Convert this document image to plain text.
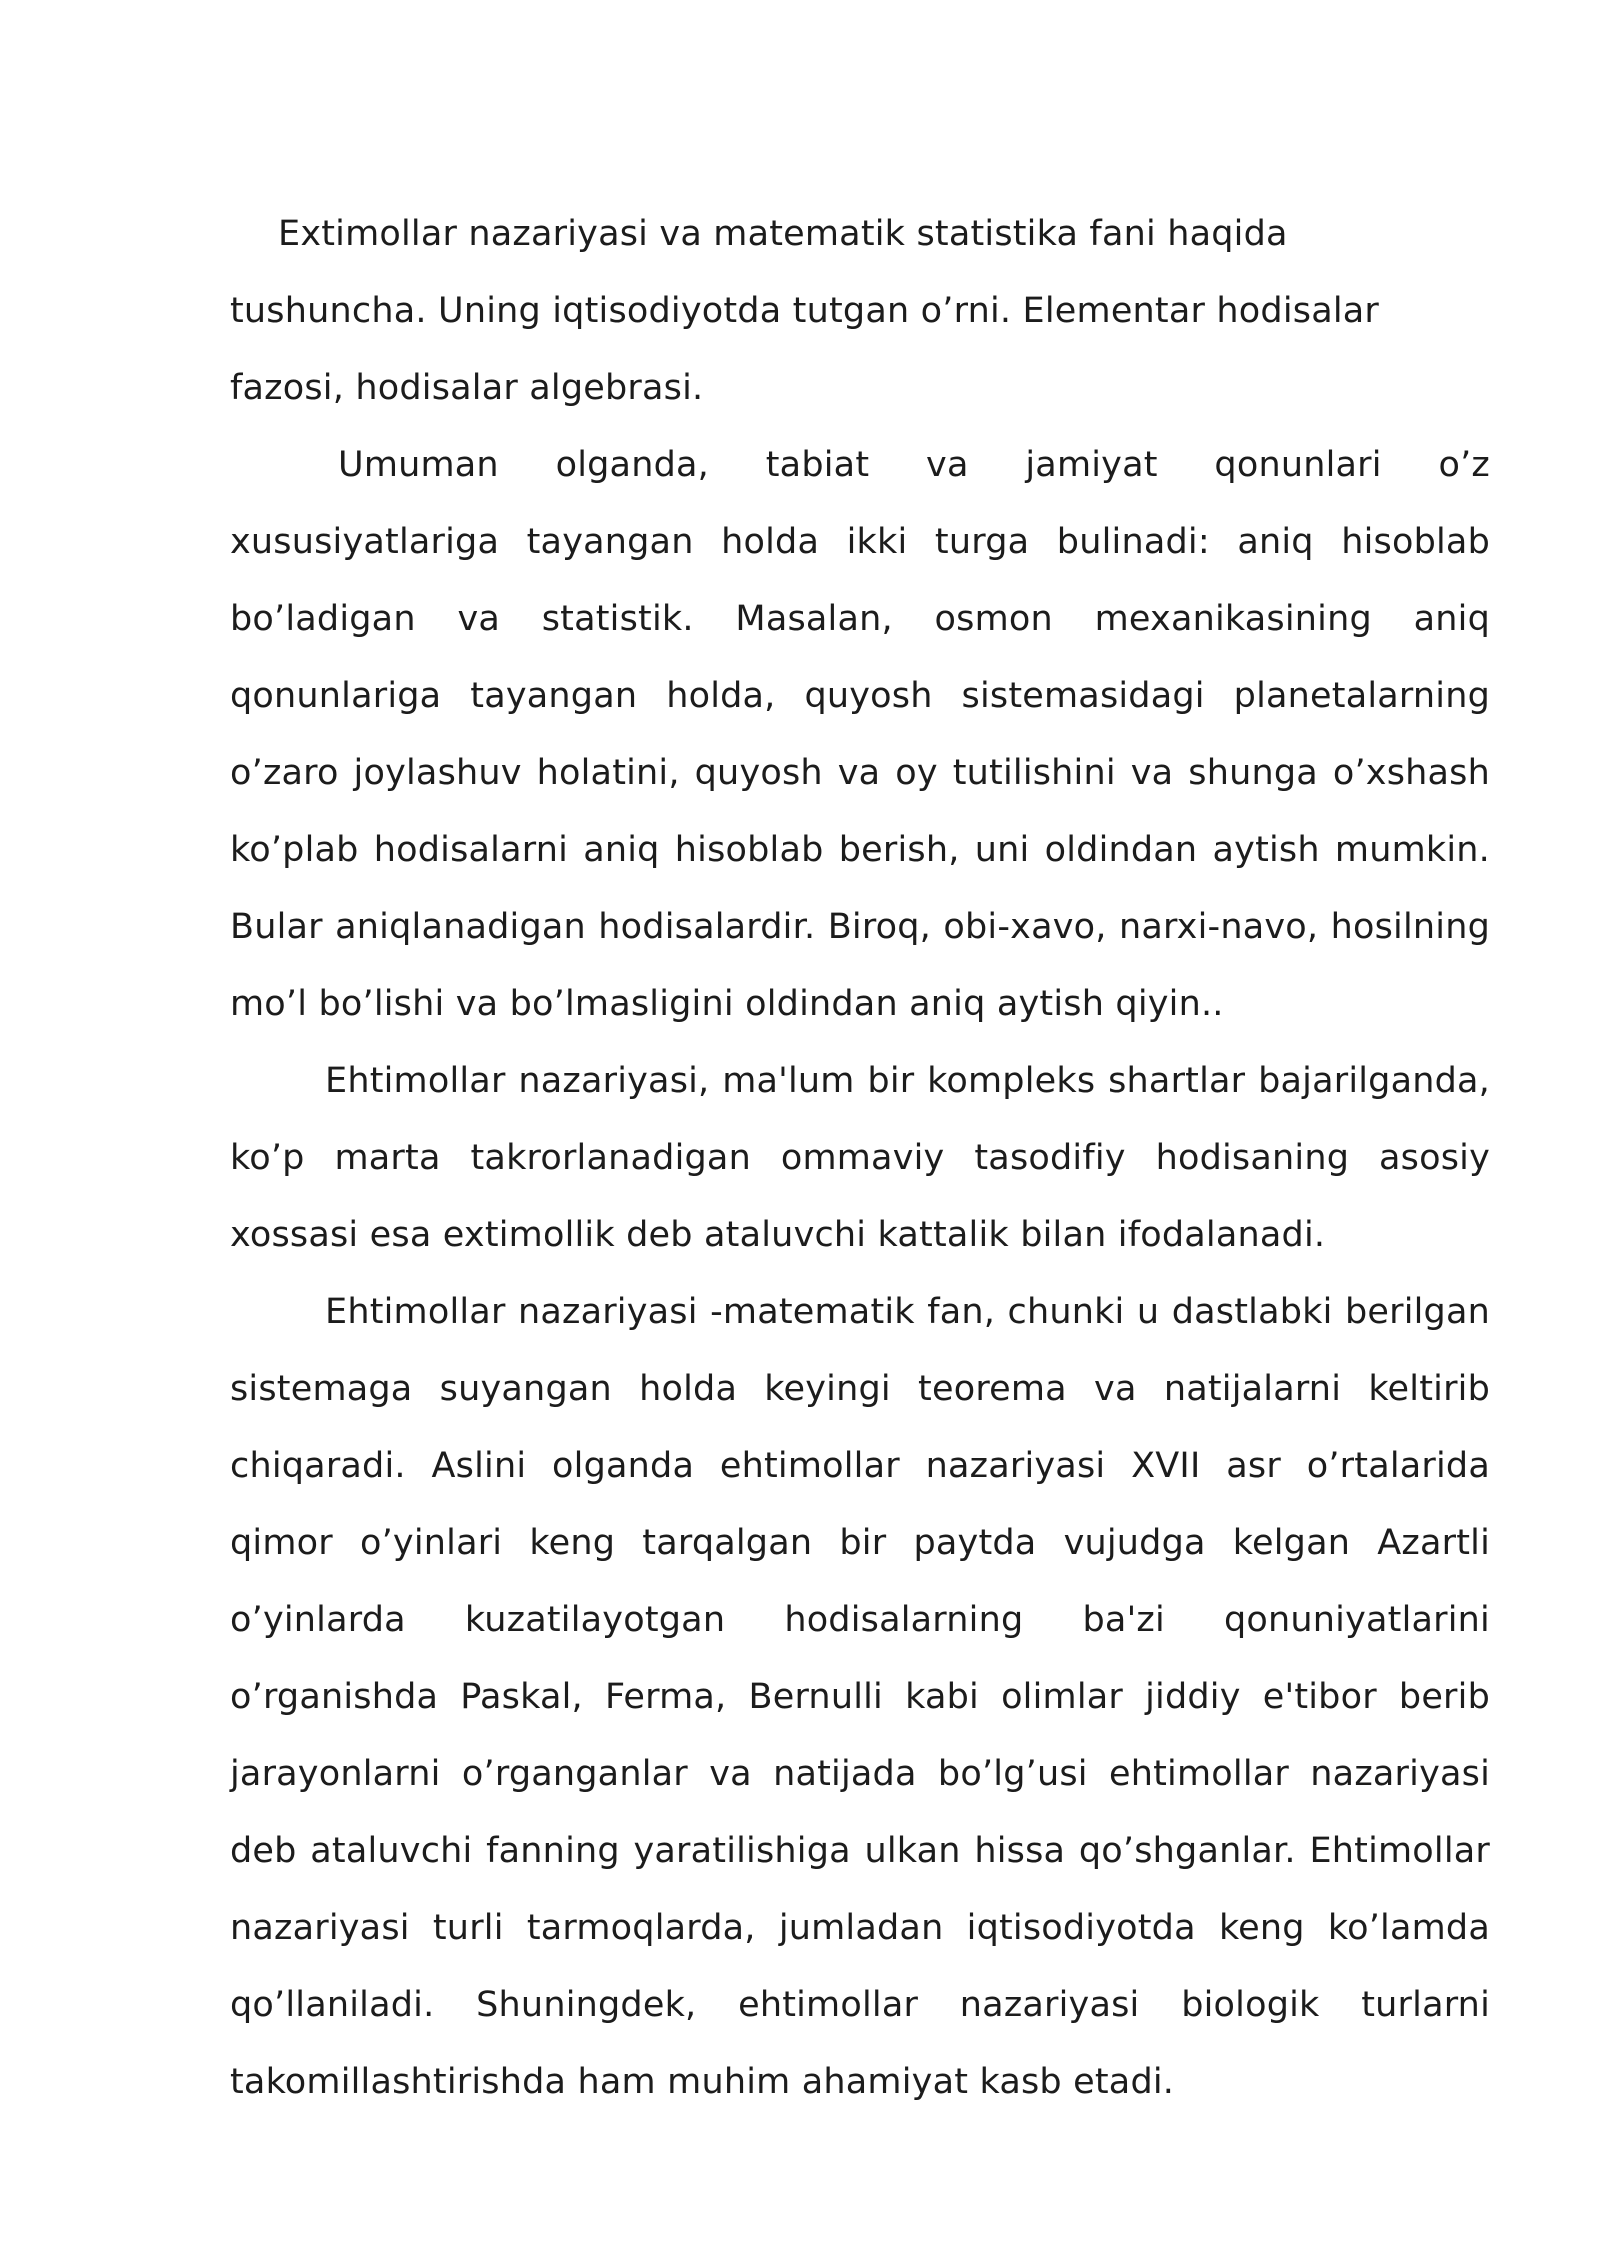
Extimollar nazariyasi va matematik statistika fani haqida tushuncha. Uning iqtisodiyotda tutgan o’rni. Elementar hodisalar fazosi, hodisalar algebrasi.

Umuman olganda, tabiat va jamiyat qonunlari o’z xususiyatlariga tayangan holda ikki turga bulinadi: aniq hisoblab bo’ladigan va statistik. Masalan, osmon mexanikasining aniq qonunlariga tayangan holda, quyosh sistemasidagi planetalarning o’zaro joylashuv holatini, quyosh va oy tutilishini va shunga o’xshash ko’plab hodisalarni aniq hisoblab berish, uni oldindan aytish mumkin. Bular aniqlanadigan hodisalardir. Biroq, obi-xavo, narxi-navo, hosilning mo’l bo’lishi va bo’lmasligini oldindan aniq aytish qiyin..

Ehtimollar nazariyasi, ma'lum bir kompleks shartlar bajarilganda, ko’p marta takrorlanadigan ommaviy tasodifiy hodisaning asosiy xossasi esa extimollik deb ataluvchi kattalik bilan ifodalanadi.

Ehtimollar nazariyasi -matematik fan, chunki u dastlabki berilgan sistemaga suyangan holda keyingi teorema va natijalarni keltirib chiqaradi. Aslini olganda ehtimollar nazariyasi XVII asr o’rtalarida qimor o’yinlari keng tarqalgan bir paytda vujudga kelgan Azartli o’yinlarda kuzatilayotgan hodisalarning ba'zi qonuniyatlarini o’rganishda Paskal, Ferma, Bernulli kabi olimlar jiddiy e'tibor berib jarayonlarni o’rganganlar va natijada bo’lg’usi ehtimollar nazariyasi deb ataluvchi fanning yaratilishiga ulkan hissa qo’shganlar. Ehtimollar nazariyasi turli tarmoqlarda, jumladan iqtisodiyotda keng ko’lamda qo’llaniladi. Shuningdek, ehtimollar nazariyasi biologik turlarni takomillashtirishda ham muhim ahamiyat kasb etadi.
